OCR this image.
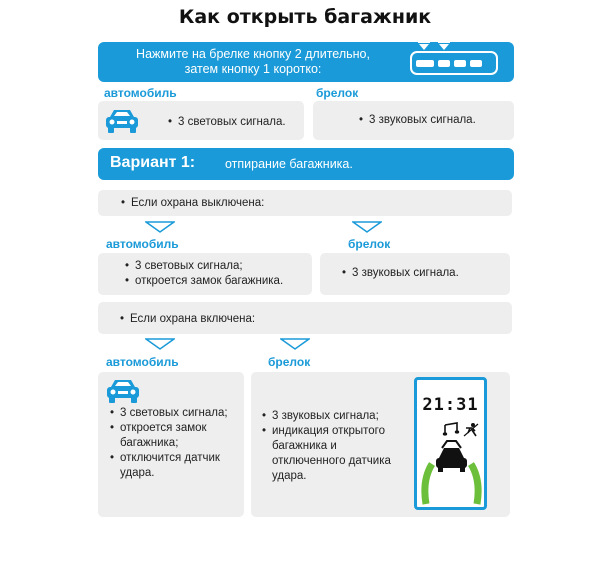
Как открыть багажник
Нажмите на брелке кнопку 2 длительно,
затем кнопку 1 коротко:
автомобиль	брелок
• 3 световых сигнала.
•	3 звуковых сигнала.
Вариант 1: отпирание багажника.
• Если охрана выключена:
автомобиль	брелок
• 3 световых сигнала;
• откроется замок багажника.
• 3 звуковых сигнала.
• Если охрана включена:
автомобиль	брелок
• 3 световых сигнала;
• откроется замок багажника;
• отключится датчик удара.
• 3 звуковых сигнала;
• индикация открытого багажника и отключенного датчика удара.
21:31
